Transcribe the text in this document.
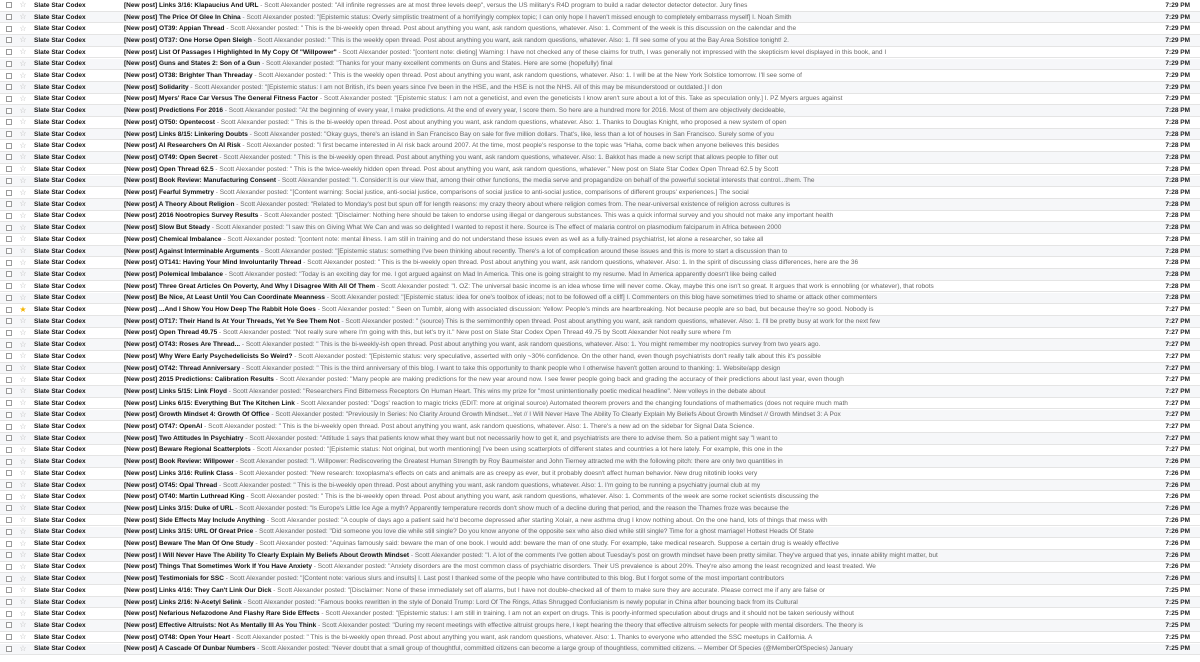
☆ Slate Star Codex	[New post] Links 3/16: Klapaucius And URL - Scott Alexander posted: "All infinite regresses are at most three levels deep", versus the US military's R4D program to build a radar detector detector detector. Jury fines	7:29 PM
☆ Slate Star Codex	[New post] The Price Of Glee In China - Scott Alexander posted: "[Epistemic status: Overly simplistic treatment of a horrifyingly complex topic; I can only hope I haven't missed enough to completely embarrass myself] I. Noah Smith	7:29 PM
☆ Slate Star Codex	[New post] OT39: Appian Thread - Scott Alexander posted: " This is the bi-weekly open thread. Post about anything you want, ask random questions, whatever. Also: 1. Comment of the week is this discussion on the calendar and the	7:29 PM
☆ Slate Star Codex	[New post] OT37: One Horse Open Sleigh - Scott Alexander posted: " This is the weekly open thread. Post about anything you want, ask random questions, whatever. Also: 1. I'll see some of you at the Bay Area Solstice tonight! 2.	7:29 PM
☆ Slate Star Codex	[New post] List Of Passages I Highlighted In My Copy Of "Willpower" - Scott Alexander posted: "[content note: dieting] Warning: I have not checked any of these claims for truth, I was generally not impressed with the skepticism level displayed in this book, and I	7:29 PM
☆ Slate Star Codex	[New post] Guns and States 2: Son of a Gun - Scott Alexander posted: "Thanks for your many excellent comments on Guns and States. Here are some (hopefully) final	7:29 PM
☆ Slate Star Codex	[New post] OT38: Brighter Than Threaday - Scott Alexander posted: " This is the weekly open thread. Post about anything you want, ask random questions, whatever. Also: 1. I will be at the New York Solstice tomorrow. I'll see some of	7:29 PM
☆ Slate Star Codex	[New post] Solidarity - Scott Alexander posted: "[Epistemic status: I am not British, it's been years since I've been in the HSE, and the HSE is not the NHS. All of this may be misunderstood or outdated.] I don	7:29 PM
☆ Slate Star Codex	[New post] Myers' Race Car Versus The General Fitness Factor - Scott Alexander posted: "[Epistemic status: I am not a geneticist, and even the geneticists I know aren't sure about a lot of this. Take as speculation only.] I. PZ Myers argues against	7:29 PM
☆ Slate Star Codex	[New post] Predictions For 2016 - Scott Alexander posted: "At the beginning of every year, I make predictions. At the end of every year, I score them. So here are a hundred more for 2016. Most of them are objectively decideable,	7:28 PM
☆ Slate Star Codex	[New post] OT50: Opentecost - Scott Alexander posted: " This is the bi-weekly open thread. Post about anything you want, ask random questions, whatever. Also: 1. Thanks to Douglas Knight, who proposed a new system of open	7:28 PM
☆ Slate Star Codex	[New post] Links 8/15: Linkering Doubts - Scott Alexander posted: "Okay guys, there's an island in San Francisco Bay on sale for five million dollars. That's, like, less than a lot of houses in San Francisco. Surely some of you	7:28 PM
☆ Slate Star Codex	[New post] AI Researchers On AI Risk - Scott Alexander posted: "I first became interested in AI risk back around 2007. At the time, most people's response to the topic was "Haha, come back when anyone believes this besides	7:28 PM
☆ Slate Star Codex	[New post] OT49: Open Secret - Scott Alexander posted: " This is the bi-weekly open thread. Post about anything you want, ask random questions, whatever. Also: 1. Bakkot has made a new script that allows people to filter out	7:28 PM
☆ Slate Star Codex	[New post] Open Thread 62.5 - Scott Alexander posted: " This is the twice-weekly hidden open thread. Post about anything you want, ask random questions, whatever." New post on Slate Star Codex Open Thread 62.5 by Scott	7:28 PM
☆ Slate Star Codex	[New post] Book Review: Manufacturing Consent - Scott Alexander posted: "I. Consider:It is our view that, among their other functions, the media serve and propagandize on behalf of the powerful societal interests that control...them. The	7:28 PM
☆ Slate Star Codex	[New post] Fearful Symmetry - Scott Alexander posted: "[Content warning: Social justice, anti-social justice, comparisons of social justice to anti-social justice, comparisons of different groups' experiences.] The social	7:28 PM
☆ Slate Star Codex	[New post] A Theory About Religion - Scott Alexander posted: "Related to Monday's post but spun off for length reasons: my crazy theory about where religion comes from. The near-universal existence of religion across cultures is	7:28 PM
☆ Slate Star Codex	[New post] 2016 Nootropics Survey Results - Scott Alexander posted: "[Disclaimer: Nothing here should be taken to endorse using illegal or dangerous substances. This was a quick informal survey and you should not make any important health	7:28 PM
☆ Slate Star Codex	[New post] Slow But Steady - Scott Alexander posted: "I saw this on Giving What We Can and was so delighted I wanted to repost it here. Source is The effect of malaria control on plasmodium falciparum in Africa between 2000	7:28 PM
☆ Slate Star Codex	[New post] Chemical Imbalance - Scott Alexander posted: "[content note: mental illness. I am still in training and do not understand these issues even as well as a fully-trained psychiatrist, let alone a researcher, so take all	7:28 PM
☆ Slate Star Codex	[New post] Against Interminable Arguments - Scott Alexander posted: "[Epistemic status: something I've been thinking about recently. There's a lot of complication around these issues and this is more to start a discussion than to	7:28 PM
☆ Slate Star Codex	[New post] OT141: Having Your Mind Involuntarily Thread - Scott Alexander posted: " This is the bi-weekly open thread. Post about anything you want, ask random questions, whatever. Also: 1. In the spirit of discussing class differences, here are the 36	7:28 PM
☆ Slate Star Codex	[New post] Polemical Imbalance - Scott Alexander posted: "Today is an exciting day for me. I got argued against on Mad In America. This one is going straight to my resume. Mad In America apparently doesn't like being called	7:28 PM
☆ Slate Star Codex	[New post] Three Great Articles On Poverty, And Why I Disagree With All Of Them - Scott Alexander posted: "I. OZ: The universal basic income is an idea whose time will never come. Okay, maybe this one isn't so great. It argues that work is ennobling (or whatever), that robots	7:28 PM
☆ Slate Star Codex	[New post] Be Nice, At Least Until You Can Coordinate Meanness - Scott Alexander posted: "[Epistemic status: idea for one's toolbox of ideas; not to be followed off a cliff] I. Commenters on this blog have sometimes tried to shame or attack other commenters	7:28 PM
★ Slate Star Codex	[New post] ...And I Show You How Deep The Rabbit Hole Goes - Scott Alexander posted: " Seen on Tumblr, along with associated discussion: Yellow: People's minds are heartbreaking. Not because people are so bad, but because they're so good. Nobody is	7:27 PM
☆ Slate Star Codex	[New post] OT17: Their Hand Is At Your Threads, Yet Ye See Them Not - Scott Alexander posted: " (source) This is the semimonthly open thread. Post about anything you want, ask random questions, whatever. Also: 1. I'll be pretty busy at work for the next few	7:27 PM
☆ Slate Star Codex	[New post] Open Thread 49.75 - Scott Alexander posted: "Not really sure where I'm going with this, but let's try it." New post on Slate Star Codex Open Thread 49.75 by Scott Alexander Not really sure where I'm	7:27 PM
☆ Slate Star Codex	[New post] OT43: Roses Are Thread... - Scott Alexander posted: " This is the bi-weekly-ish open thread. Post about anything you want, ask random questions, whatever. Also: 1. You might remember my nootropics survey from two years ago.	7:27 PM
☆ Slate Star Codex	[New post] Why Were Early Psychedelicists So Weird? - Scott Alexander posted: "[Epistemic status: very speculative, asserted with only ~30% confidence. On the other hand, even though psychiatrists don't really talk about this it's possible	7:27 PM
☆ Slate Star Codex	[New post] OT42: Thread Anniversary - Scott Alexander posted: " This is the third anniversary of this blog. I want to take this opportunity to thank people who I otherwise haven't gotten around to thanking: 1. Website/app design	7:27 PM
☆ Slate Star Codex	[New post] 2015 Predictions: Calibration Results - Scott Alexander posted: "Many people are making predictions for the new year around now. I see fewer people going back and grading the accuracy of their predictions about last year, even though	7:27 PM
☆ Slate Star Codex	[New post] Links 5/15: Link Floyd - Scott Alexander posted: "Researchers Find Bitterness Receptors On Human Heart. This wins my prize for "most unintentionally poetic medical headline". New volleys in the debate about	7:27 PM
☆ Slate Star Codex	[New post] Links 6/15: Everything But The Kitchen Link - Scott Alexander posted: "Dogs' reaction to magic tricks (EDIT: more at original source) Automated theorem provers and the changing foundations of mathematics (does not require much math	7:27 PM
☆ Slate Star Codex	[New post] Growth Mindset 4: Growth Of Office - Scott Alexander posted: "Previously In Series: No Clarity Around Growth Mindset...Yet // I Will Never Have The Ability To Clearly Explain My Beliefs About Growth Mindset // Growth Mindset 3: A Pox	7:27 PM
☆ Slate Star Codex	[New post] OT47: OpenAI - Scott Alexander posted: " This is the bi-weekly open thread. Post about anything you want, ask random questions, whatever. Also: 1. There's a new ad on the sidebar for Signal Data Science.	7:27 PM
☆ Slate Star Codex	[New post] Two Attitudes In Psychiatry - Scott Alexander posted: "Attitude 1 says that patients know what they want but not necessarily how to get it, and psychiatrists are there to advise them. So a patient might say "I want to	7:27 PM
☆ Slate Star Codex	[New post] Beware Regional Scatterplots - Scott Alexander posted: "[Epistemic status: Not original, but worth mentioning] I've been using scatterplots of different states and countries a lot here lately. For example, this one in the	7:27 PM
☆ Slate Star Codex	[New post] Book Review: Willpower - Scott Alexander posted: "I. Willpower: Rediscovering the Greatest Human Strength by Roy Baumeister and John Tierney attracted me with the following pitch: there are only two quantities in	7:26 PM
☆ Slate Star Codex	[New post] Links 3/16: Rulink Class - Scott Alexander posted: "New research: toxoplasma's effects on cats and animals are as creepy as ever, but it probably doesn't affect human behavior. New drug nitotinib looks very	7:26 PM
☆ Slate Star Codex	[New post] OT45: Opal Thread - Scott Alexander posted: " This is the bi-weekly open thread. Post about anything you want, ask random questions, whatever. Also: 1. I'm going to be running a psychiatry journal club at my	7:26 PM
☆ Slate Star Codex	[New post] OT40: Martin Luthread King - Scott Alexander posted: " This is the bi-weekly open thread. Post about anything you want, ask random questions, whatever. Also: 1. Comments of the week are some rocket scientists discussing the	7:26 PM
☆ Slate Star Codex	[New post] Links 3/15: Duke of URL - Scott Alexander posted: "Is Europe's Little Ice Age a myth? Apparently temperature records don't show much of a decline during that period, and the reason the Thames froze was because the	7:26 PM
☆ Slate Star Codex	[New post] Side Effects May Include Anything - Scott Alexander posted: "A couple of days ago a patient said he'd become depressed after starting Xolair, a new asthma drug I know nothing about. On the one hand, lots of things that mess with	7:26 PM
☆ Slate Star Codex	[New post] Links 3/15: URL Of Great Price - Scott Alexander posted: "Did someone you love die while still single? Do you know anyone of the opposite sex who also died while still single? Time for a ghost marriage! Hottest Heads Of State	7:26 PM
☆ Slate Star Codex	[New post] Beware The Man Of One Study - Scott Alexander posted: "Aquinas famously said: beware the man of one book. I would add: beware the man of one study. For example, take medical research. Suppose a certain drug is weakly effective	7:26 PM
☆ Slate Star Codex	[New post] I Will Never Have The Ability To Clearly Explain My Beliefs About Growth Mindset - Scott Alexander posted: "I. A lot of the comments I've gotten about Tuesday's post on growth mindset have been pretty similar. They've argued that yes, innate ability might matter, but	7:26 PM
☆ Slate Star Codex	[New post] Things That Sometimes Work If You Have Anxiety - Scott Alexander posted: "Anxiety disorders are the most common class of psychiatric disorders. Their US prevalence is about 20%. They're also among the least recognized and least treated. We	7:26 PM
☆ Slate Star Codex	[New post] Testimonials for SSC - Scott Alexander posted: "[Content note: various slurs and insults] I. Last post I thanked some of the people who have contributed to this blog. But I forgot some of the most important contributors	7:26 PM
☆ Slate Star Codex	[New post] Links 4/16: They Can't Link Our Dick - Scott Alexander posted: "[Disclaimer: None of these immediately set off alarms, but I have not double-checked all of them to make sure they are accurate. Please correct me if any are false or	7:25 PM
☆ Slate Star Codex	[New post] Links 2/16: N-Acetyl Selink - Scott Alexander posted: "Famous books rewritten in the style of Donald Trump: Lord Of The Rings, Atlas Shrugged Confucianism is newly popular in China after bouncing back from its Cultural	7:25 PM
☆ Slate Star Codex	[New post] Nefarious Nefazodone And Flashy Rare Side Effects - Scott Alexander posted: "[Epistemic status: I am still in training. I am not an expert on drugs. This is poorly-informed speculation about drugs and it should not be taken seriously without	7:25 PM
☆ Slate Star Codex	[New post] Effective Altruists: Not As Mentally Ill As You Think - Scott Alexander posted: "During my recent meetings with effective altruist groups here, I kept hearing the theory that effective altruism selects for people with mental disorders. The theory is	7:25 PM
☆ Slate Star Codex	[New post] OT48: Open Your Heart - Scott Alexander posted: " This is the bi-weekly open thread. Post about anything you want, ask random questions, whatever. Also: 1. Thanks to everyone who attended the SSC meetups in California. A	7:25 PM
☆ Slate Star Codex	[New post] A Cascade Of Dunbar Numbers - Scott Alexander posted: "Never doubt that a small group of thoughtful, committed citizens can become a large group of thoughtless, committed citizens. -- Member Of Species (@MemberOfSpecies) January	7:25 PM
